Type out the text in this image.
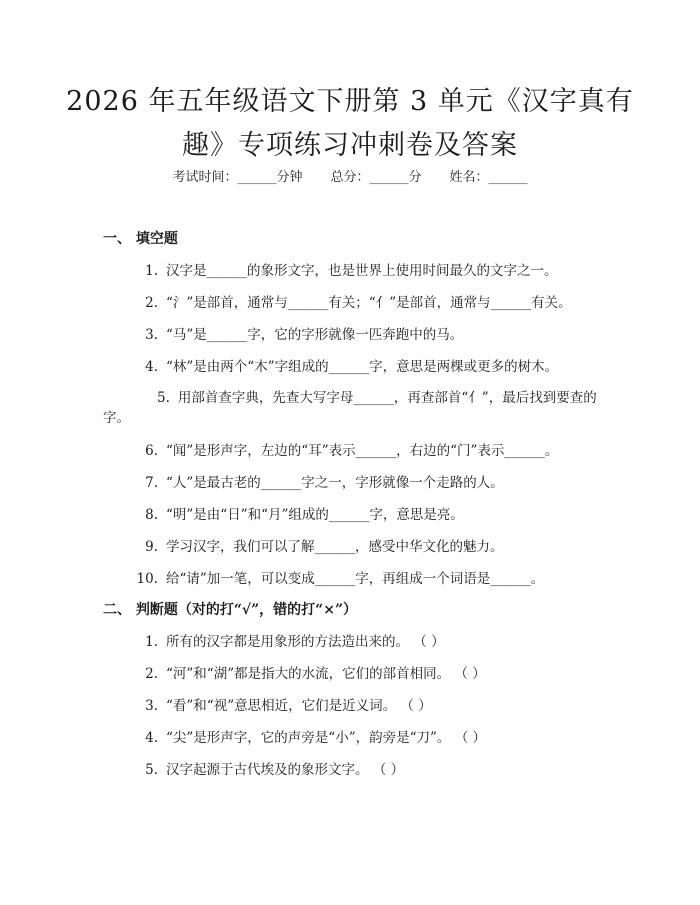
2026 年五年级语文下册第 3 单元《汉字真有
趣》专项练习冲刺卷及答案
考试时间：______分钟 总分：______分 姓名：______
一、 填空题
1. 汉字是______的象形文字，也是世界上使用时间最久的文字之一。
2. “氵”是部首，通常与______有关；“亻”是部首，通常与______有关。
3. “马”是______字，它的字形就像一匹奔跑中的马。
4. “林”是由两个“木”字组成的______字，意思是两棵或更多的树木。
5. 用部首查字典，先查大写字母______，再查部首“亻”，最后找到要查的字。
6. “闻”是形声字，左边的“耳”表示______，右边的“门”表示______。
7. “人”是最古老的______字之一，字形就像一个走路的人。
8. “明”是由“日”和“月”组成的______字，意思是亮。
9. 学习汉字，我们可以了解______，感受中华文化的魅力。
10. 给“请”加一笔，可以变成______字，再组成一个词语是______。
二、 判断题（对的打“√”，错的打“×”）
1. 所有的汉字都是用象形的方法造出来的。 （ ）
2. “河”和“湖”都是指大的水流，它们的部首相同。 （ ）
3. “看”和“视”意思相近，它们是近义词。 （ ）
4. “尖”是形声字，它的声旁是“小”，韵旁是“刀”。 （ ）
5. 汉字起源于古代埃及的象形文字。 （ ）
